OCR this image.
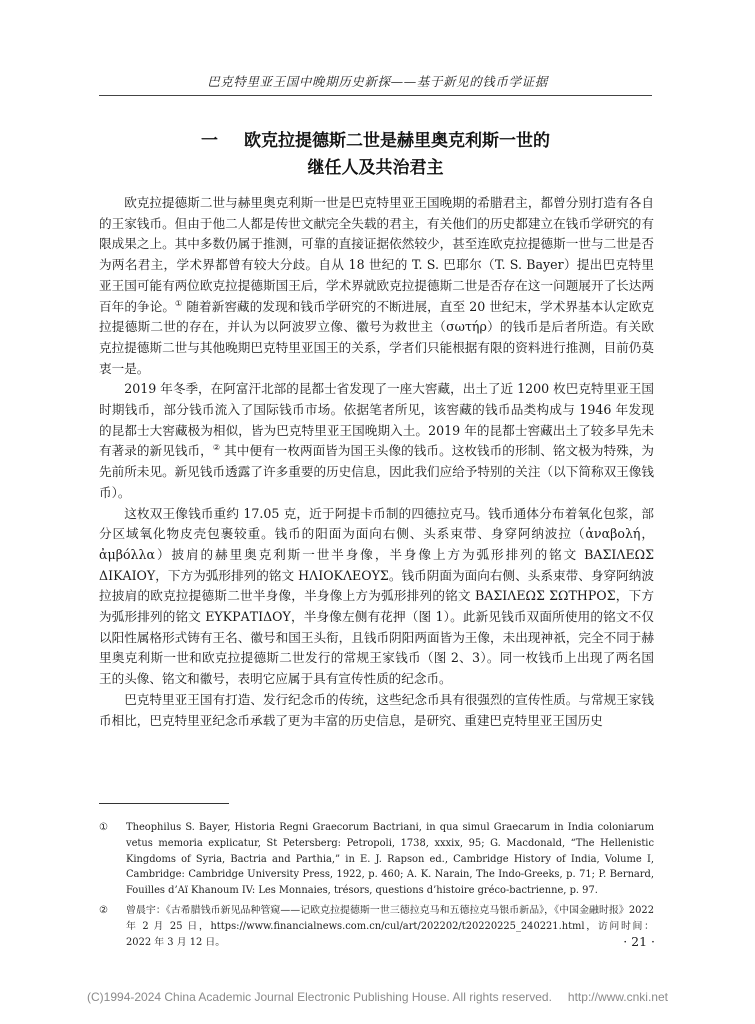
巴克特里亚王国中晚期历史新探——基于新见的钱币学证据
一 欧克拉提德斯二世是赫里奥克利斯一世的
继任人及共治君主

欧克拉提德斯二世与赫里奥克利斯一世是巴克特里亚王国晚期的希腊君主，都曾分别打造有各自的王家钱币。但由于他二人都是传世文献完全失载的君主，有关他们的历史都建立在钱币学研究的有限成果之上。其中多数仍属于推测，可靠的直接证据依然较少，甚至连欧克拉提德斯一世与二世是否为两名君主，学术界都曾有较大分歧。自从 18 世纪的 T. S. 巴耶尔（T. S. Bayer）提出巴克特里亚王国可能有两位欧克拉提德斯国王后，学术界就欧克拉提德斯二世是否存在这一问题展开了长达两百年的争论。① 随着新窖藏的发现和钱币学研究的不断进展，直至 20 世纪末，学术界基本认定欧克拉提德斯二世的存在，并认为以阿波罗立像、徽号为救世主（σωτήρ）的钱币是后者所造。有关欧克拉提德斯二世与其他晚期巴克特里亚国王的关系，学者们只能根据有限的资料进行推测，目前仍莫衷一是。

2019 年冬季，在阿富汗北部的昆都士省发现了一座大窖藏，出土了近 1200 枚巴克特里亚王国时期钱币，部分钱币流入了国际钱币市场。依据笔者所见，该窖藏的钱币品类构成与 1946 年发现的昆都士大窖藏极为相似，皆为巴克特里亚王国晚期入土。2019 年的昆都士窖藏出土了较多早先未有著录的新见钱币，② 其中便有一枚两面皆为国王头像的钱币。这枚钱币的形制、铭文极为特殊，为先前所未见。新见钱币透露了许多重要的历史信息，因此我们应给予特别的关注（以下简称双王像钱币）。

这枚双王像钱币重约 17.05 克，近于阿提卡币制的四德拉克马。钱币通体分布着氧化包浆，部分区域氧化物皮壳包裹较重。钱币的阳面为面向右侧、头系束带、身穿阿纳波拉（ἀναβολή，ἀμβόλλα）披肩的赫里奥克利斯一世半身像，半身像上方为弧形排列的铭文 ΒΑΣΙΛΕΩΣ ΔΙΚΑΙΟΥ，下方为弧形排列的铭文 ΗΛΙΟΚΛΕΟΥΣ。钱币阴面为面向右侧、头系束带、身穿阿纳波拉披肩的欧克拉提德斯二世半身像，半身像上方为弧形排列的铭文 ΒΑΣΙΛΕΩΣ ΣΩΤΗΡΟΣ，下方为弧形排列的铭文 ΕΥΚΡΑΤΙΔΟΥ，半身像左侧有花押（图 1）。此新见钱币双面所使用的铭文不仅以阳性属格形式铸有王名、徽号和国王头衔，且钱币阴阳两面皆为王像，未出现神祇，完全不同于赫里奥克利斯一世和欧克拉提德斯二世发行的常规王家钱币（图 2、3）。同一枚钱币上出现了两名国王的头像、铭文和徽号，表明它应属于具有宣传性质的纪念币。

巴克特里亚王国有打造、发行纪念币的传统，这些纪念币具有很强烈的宣传性质。与常规王家钱币相比，巴克特里亚纪念币承载了更为丰富的历史信息，是研究、重建巴克特里亚王国历史

① Theophilus S. Bayer, Historia Regni Graecorum Bactriani, in qua simul Graecarum in India coloniarum vetus memoria explicatur, St Petersberg: Petropoli, 1738, xxxix, 95; G. Macdonald, “The Hellenistic Kingdoms of Syria, Bactria and Parthia,” in E. J. Rapson ed., Cambridge History of India, Volume I, Cambridge: Cambridge University Press, 1922, p. 460; A. K. Narain, The Indo-Greeks, p. 71; P. Bernard, Fouilles d’Aï Khanoum IV: Les Monnaies, trésors, questions d’histoire gréco-bactrienne, p. 97.
② 曾晨宇：《古希腊钱币新见品种管窥——记欧克拉提德斯一世三德拉克马和五德拉克马银币新品》，《中国金融时报》2022 年 2 月 25 日，https://www.financialnews.com.cn/cul/art/202202/t20220225_240221.html，访问时间：2022 年 3 月 12 日。	· 21 ·
(C)1994-2024 China Academic Journal Electronic Publishing House. All rights reserved. http://www.cnki.net
